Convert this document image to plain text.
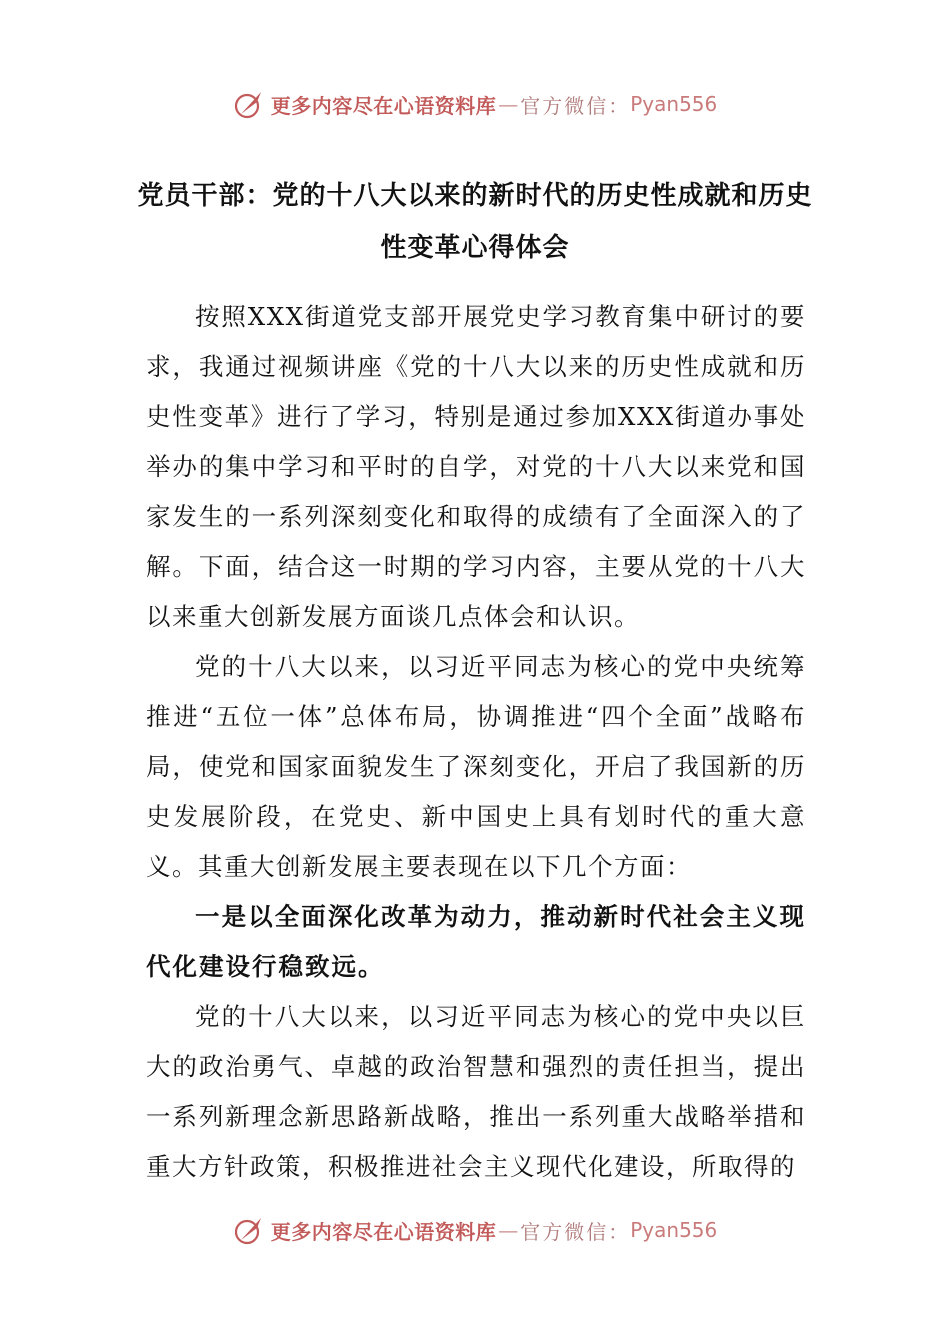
更多内容尽在心语资料库 — 官方微信： Pyan556
党员干部：党的十八大以来的新时代的历史性成就和历史
性变革心得体会

按照XXX街道党支部开展党史学习教育集中研讨的要求，我通过视频讲座《党的十八大以来的历史性成就和历史性变革》进行了学习，特别是通过参加XXX街道办事处举办的集中学习和平时的自学，对党的十八大以来党和国家发生的一系列深刻变化和取得的成绩有了全面深入的了解。下面，结合这一时期的学习内容，主要从党的十八大以来重大创新发展方面谈几点体会和认识。

党的十八大以来，以习近平同志为核心的党中央统筹推进“五位一体”总体布局，协调推进“四个全面”战略布局，使党和国家面貌发生了深刻变化，开启了我国新的历史发展阶段，在党史、新中国史上具有划时代的重大意义。其重大创新发展主要表现在以下几个方面：

一是以全面深化改革为动力，推动新时代社会主义现代化建设行稳致远。

党的十八大以来，以习近平同志为核心的党中央以巨大的政治勇气、卓越的政治智慧和强烈的责任担当，提出一系列新理念新思路新战略，推出一系列重大战略举措和重大方针政策，积极推进社会主义现代化建设，所取得的

更多内容尽在心语资料库 — 官方微信： Pyan556
